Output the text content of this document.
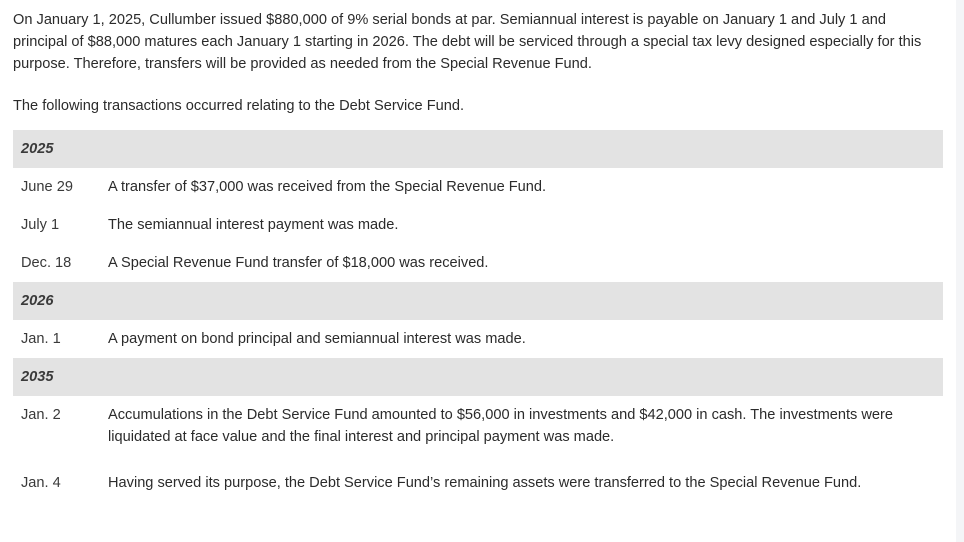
On January 1, 2025, Cullumber issued $880,000 of 9% serial bonds at par. Semiannual interest is payable on January 1 and July 1 and principal of $88,000 matures each January 1 starting in 2026. The debt will be serviced through a special tax levy designed especially for this purpose. Therefore, transfers will be provided as needed from the Special Revenue Fund.

The following transactions occurred relating to the Debt Service Fund.

2025
June 29	A transfer of $37,000 was received from the Special Revenue Fund.
July 1	The semiannual interest payment was made.
Dec. 18	A Special Revenue Fund transfer of $18,000 was received.
2026
Jan. 1	A payment on bond principal and semiannual interest was made.
2035
Jan. 2	Accumulations in the Debt Service Fund amounted to $56,000 in investments and $42,000 in cash. The investments were liquidated at face value and the final interest and principal payment was made.
Jan. 4	Having served its purpose, the Debt Service Fund’s remaining assets were transferred to the Special Revenue Fund.
